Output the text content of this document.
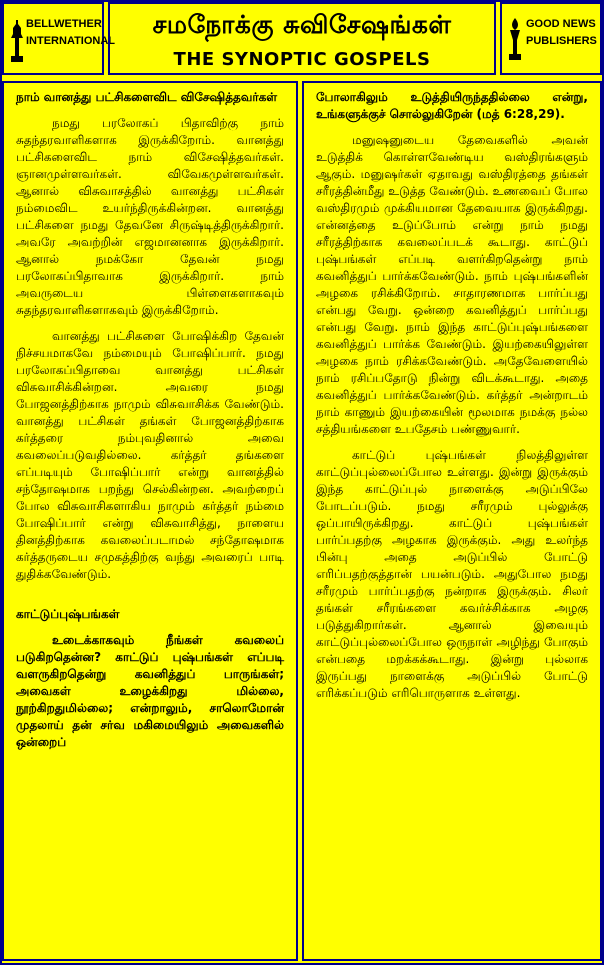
BELLWETHER INTERNATIONAL
சமநோக்கு சுவிசேஷங்கள்
THE SYNOPTIC GOSPELS
GOOD NEWS PUBLISHERS

நாம் வானத்து பட்சிகளைவிட விசேஷித்தவர்கள்

நமது பரலோகப் பிதாவிற்கு நாம் சுதந்தரவாளிகளாக இருக்கிறோம். வானத்து பட்சிகளைவிட நாம் விசேஷித்தவர்கள். ஞானமுள்ளவர்கள். விவேகமுள்ளவர்கள். ஆனால் விசுவாசத்தில் வானத்து பட்சிகள் நம்மைவிட உயர்ந்திருக்கின்றன. வானத்து பட்சிகளை நமது தேவனே சிருஷ்டித்திருக்கிறார். அவரே அவற்றின் எஜமானனாக இருக்கிறார். ஆனால் நமக்கோ தேவன் நமது பரலோகப்பிதாவாக இருக்கிறார். நாம் அவருடைய பிள்ளைகளாகவும் சுதந்தரவாளிகளாகவும் இருக்கிறோம்.

வானத்து பட்சிகளை போஷிக்கிற தேவன் நிச்சயமாகவே நம்மையும் போஷிப்பார். நமது பரலோகப்பிதாவை வானத்து பட்சிகள் விசுவாசிக்கின்றன. அவரை நமது போஜனத்திற்காக நாமும் விசுவாசிக்க வேண்டும். வானத்து பட்சிகள் தங்கள் போஜனத்திற்காக கர்த்தரை நம்புவதினால் அவை கவலைப்படுவதில்லை. கர்த்தர் தங்களை எப்படியும் போஷிப்பார் என்று வானத்தில் சந்தோஷமாக பறந்து செல்கின்றன. அவற்றைப் போல விசுவாசிகளாகிய நாமும் கர்த்தர் நம்மை போஷிப்பார் என்று விசுவாசித்து, நாளைய தினத்திற்காக கவலைப்படாமல் சந்தோஷமாக கர்த்தருடைய சமுகத்திற்கு வந்து அவரைப் பாடி துதிக்கவேண்டும்.

காட்டுப்புஷ்பங்கள்

உடைக்காகவும் நீங்கள் கவலைப் படுகிறதென்ன? காட்டுப் புஷ்பங்கள் எப்படி வளருகிறதென்று கவனித்துப் பாருங்கள்; அவைகள் உழைக்கிறது மில்லை, நூற்கிறதுமில்லை; என்றாலும், சாலொமோன் முதலாய் தன் சர்வ மகிமையிலும் அவைகளில் ஒன்றைப்

போலாகிலும் உடுத்தியிருந்ததில்லை என்று, உங்களுக்குச் சொல்லுகிறேன் (மத் 6:28,29).

மனுஷனுடைய தேவைகளில் அவன் உடுத்திக் கொள்ளவேண்டிய வஸ்திரங்களும் ஆகும். மனுஷர்கள் ஏதாவது வஸ்திரத்தை தங்கள் சரீரத்தின்மீது உடுத்த வேண்டும். உணவைப் போல வஸ்திரமும் முக்கியமான தேவையாக இருக்கிறது. என்னத்தை உடுப்போம் என்று நாம் நமது சரீரத்திற்காக கவலைப்படக் கூடாது. காட்டுப் புஷ்பங்கள் எப்படி வளர்கிறதென்று நாம் கவனித்துப் பார்க்கவேண்டும். நாம் புஷ்பங்களின் அழகை ரசிக்கிறோம். சாதாரணமாக பார்ப்பது என்பது வேறு. ஒன்றை கவனித்துப் பார்ப்பது என்பது வேறு. நாம் இந்த காட்டுப்புஷ்பங்களை கவனித்துப் பார்க்க வேண்டும். இயற்கையிலுள்ள அழகை நாம் ரசிக்கவேண்டும். அதேவேளையில் நாம் ரசிப்பதோடு நின்று விடக்கூடாது. அதை கவனித்துப் பார்க்கவேண்டும். கர்த்தர் அன்றாடம் நாம் காணும் இயற்கையின் மூலமாக நமக்கு நல்ல சத்தியங்களை உபதேசம் பண்ணுவார்.

காட்டுப் புஷ்பங்கள் நிலத்திலுள்ள காட்டுப்புல்லைப்போல உள்ளது. இன்று இருக்கும் இந்த காட்டுப்புல் நாளைக்கு அடுப்பிலே போடப்படும். நமது சரீரமும் புல்லுக்கு ஒப்பாயிருக்கிறது. காட்டுப் புஷ்பங்கள் பார்ப்பதற்கு அழகாக இருக்கும். அது உலர்ந்த பின்பு அதை அடுப்பில் போட்டு எரிப்பதற்குத்தான் பயன்படும். அதுபோல நமது சரீரமும் பார்ப்பதற்கு நன்றாக இருக்கும். சிலர் தங்கள் சரீரங்களை கவர்ச்சிக்காக அழகு படுத்துகிறார்கள். ஆனால் இவையும் காட்டுப்புல்லைப்போல ஒருநாள் அழிந்து போகும் என்பதை மறக்கக்கூடாது. இன்று புல்லாக இருப்பது நாளைக்கு அடுப்பில் போட்டு எரிக்கப்படும் எரிபொருளாக உள்ளது.
